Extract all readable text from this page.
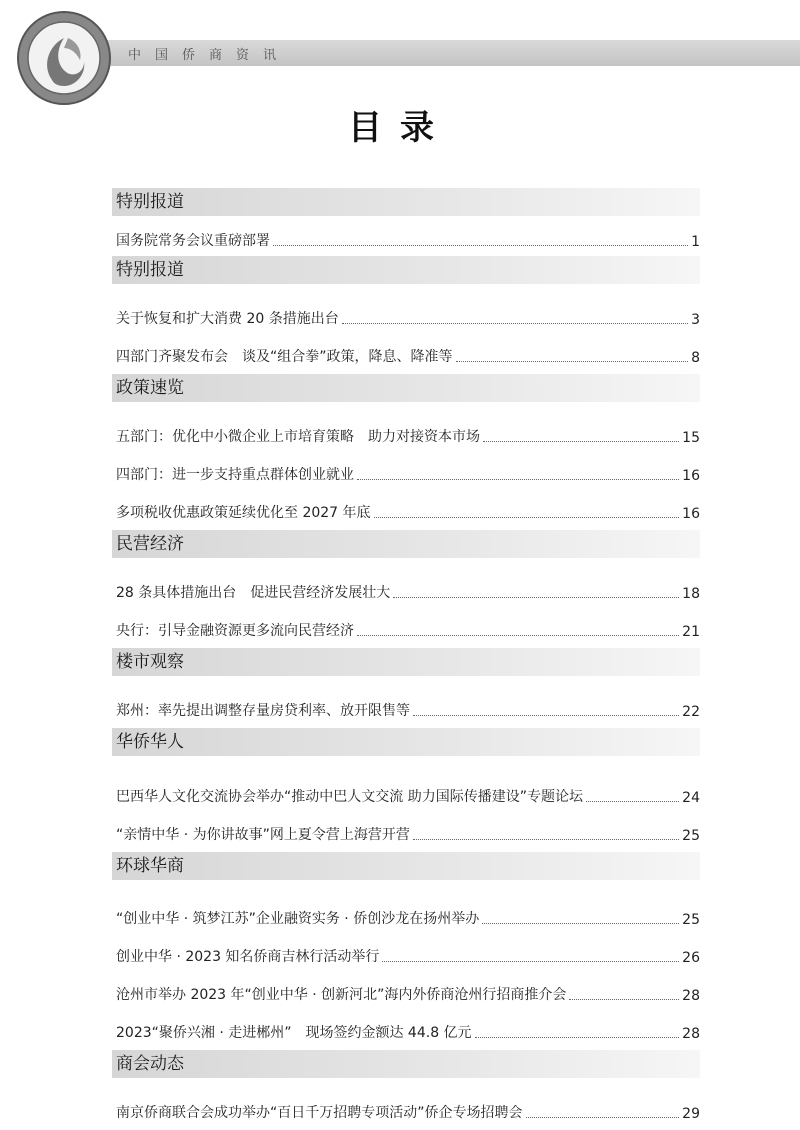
中国侨商资讯
目录
特别报道
国务院常务会议重磅部署	1
特别报道
关于恢复和扩大消费 20 条措施出台	3
四部门齐聚发布会　谈及“组合拳”政策，降息、降准等	8
政策速览
五部门：优化中小微企业上市培育策略　助力对接资本市场	15
四部门：进一步支持重点群体创业就业	16
多项税收优惠政策延续优化至 2027 年底	16
民营经济
28 条具体措施出台　促进民营经济发展壮大	18
央行：引导金融资源更多流向民营经济	21
楼市观察
郑州：率先提出调整存量房贷利率、放开限售等	22
华侨华人
巴西华人文化交流协会举办“推动中巴人文交流 助力国际传播建设”专题论坛	24
“亲情中华 · 为你讲故事”网上夏令营上海营开营	25
环球华商
“创业中华 · 筑梦江苏”企业融资实务 · 侨创沙龙在扬州举办	25
创业中华 · 2023 知名侨商吉林行活动举行	26
沧州市举办 2023 年“创业中华 · 创新河北”海内外侨商沧州行招商推介会	28
2023“聚侨兴湘 · 走进郴州”　现场签约金额达 44.8 亿元	28
商会动态
南京侨商联合会成功举办“百日千万招聘专项活动”侨企专场招聘会	29
